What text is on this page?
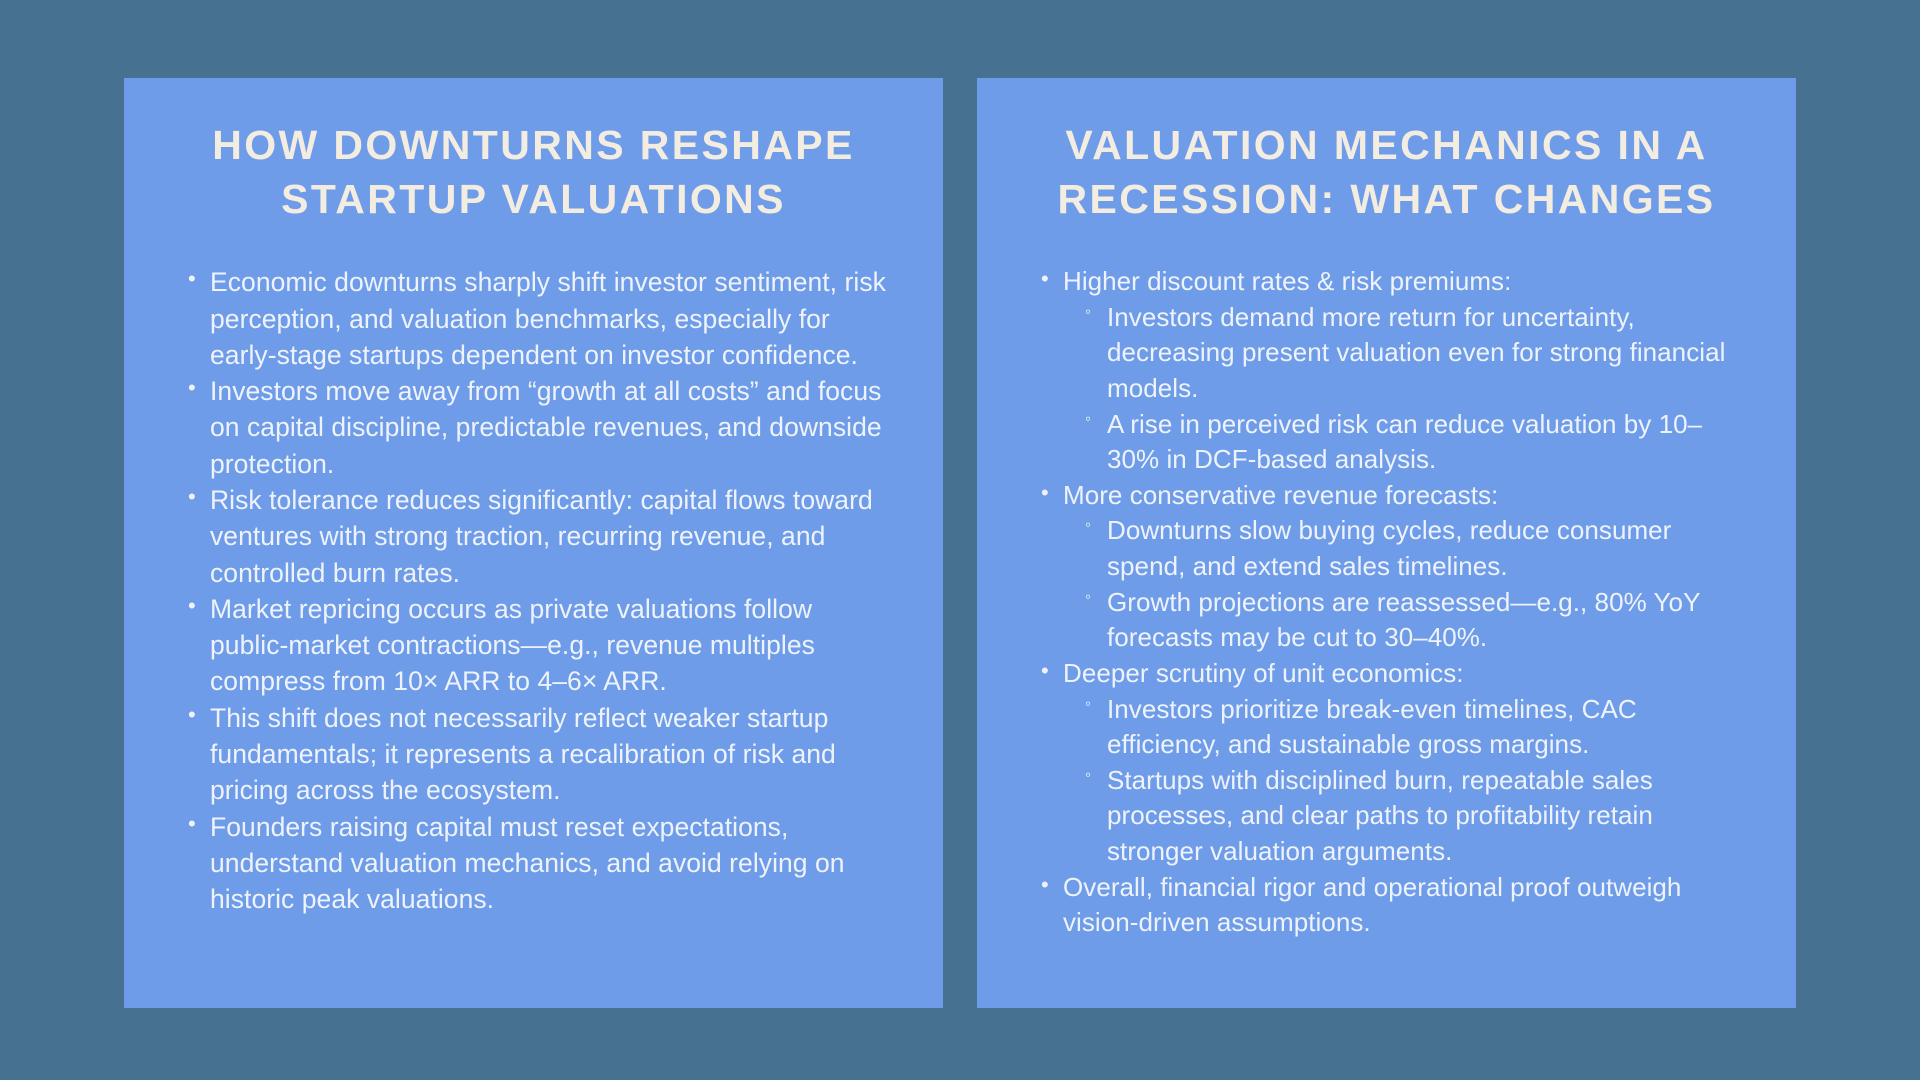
HOW DOWNTURNS RESHAPE STARTUP VALUATIONS
• Economic downturns sharply shift investor sentiment, risk perception, and valuation benchmarks, especially for early-stage startups dependent on investor confidence.
• Investors move away from “growth at all costs” and focus on capital discipline, predictable revenues, and downside protection.
• Risk tolerance reduces significantly: capital flows toward ventures with strong traction, recurring revenue, and controlled burn rates.
• Market repricing occurs as private valuations follow public-market contractions—e.g., revenue multiples compress from 10× ARR to 4–6× ARR.
• This shift does not necessarily reflect weaker startup fundamentals; it represents a recalibration of risk and pricing across the ecosystem.
• Founders raising capital must reset expectations, understand valuation mechanics, and avoid relying on historic peak valuations.
VALUATION MECHANICS IN A RECESSION: WHAT CHANGES
• Higher discount rates & risk premiums:
◦ Investors demand more return for uncertainty, decreasing present valuation even for strong financial models.
◦ A rise in perceived risk can reduce valuation by 10–30% in DCF-based analysis.
• More conservative revenue forecasts:
◦ Downturns slow buying cycles, reduce consumer spend, and extend sales timelines.
◦ Growth projections are reassessed—e.g., 80% YoY forecasts may be cut to 30–40%.
• Deeper scrutiny of unit economics:
◦ Investors prioritize break-even timelines, CAC efficiency, and sustainable gross margins.
◦ Startups with disciplined burn, repeatable sales processes, and clear paths to profitability retain stronger valuation arguments.
• Overall, financial rigor and operational proof outweigh vision-driven assumptions.
